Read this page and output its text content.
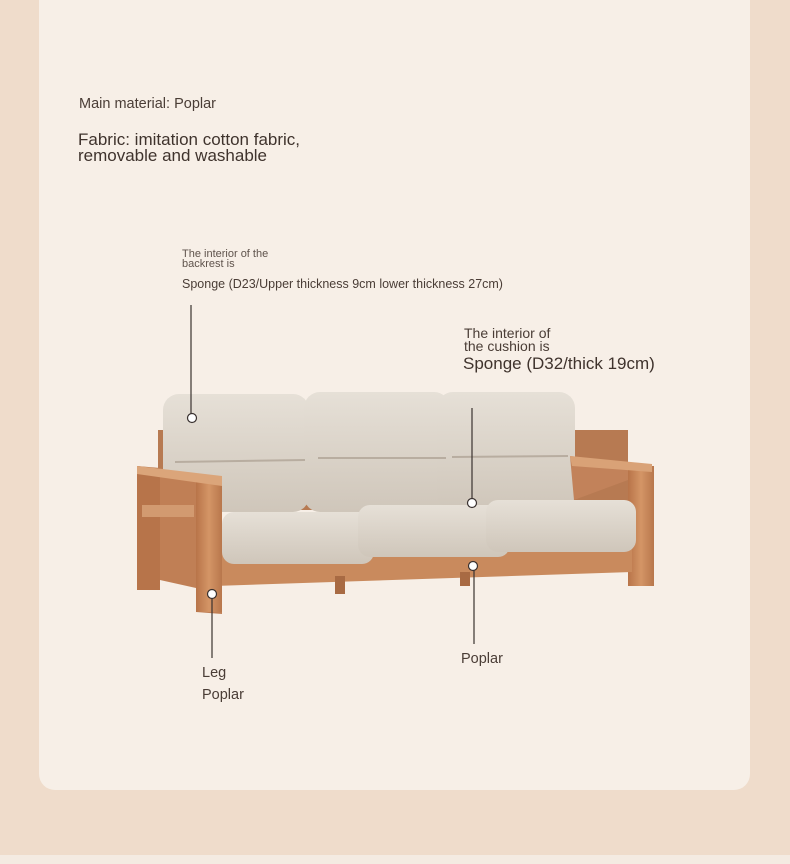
Main material: Poplar
Fabric: imitation cotton fabric,
removable and washable
The interior of the
backrest is
Sponge (D23/Upper thickness 9cm lower thickness 27cm)
The interior of
the cushion is
Sponge (D32/thick 19cm)
Leg
Poplar
Poplar
